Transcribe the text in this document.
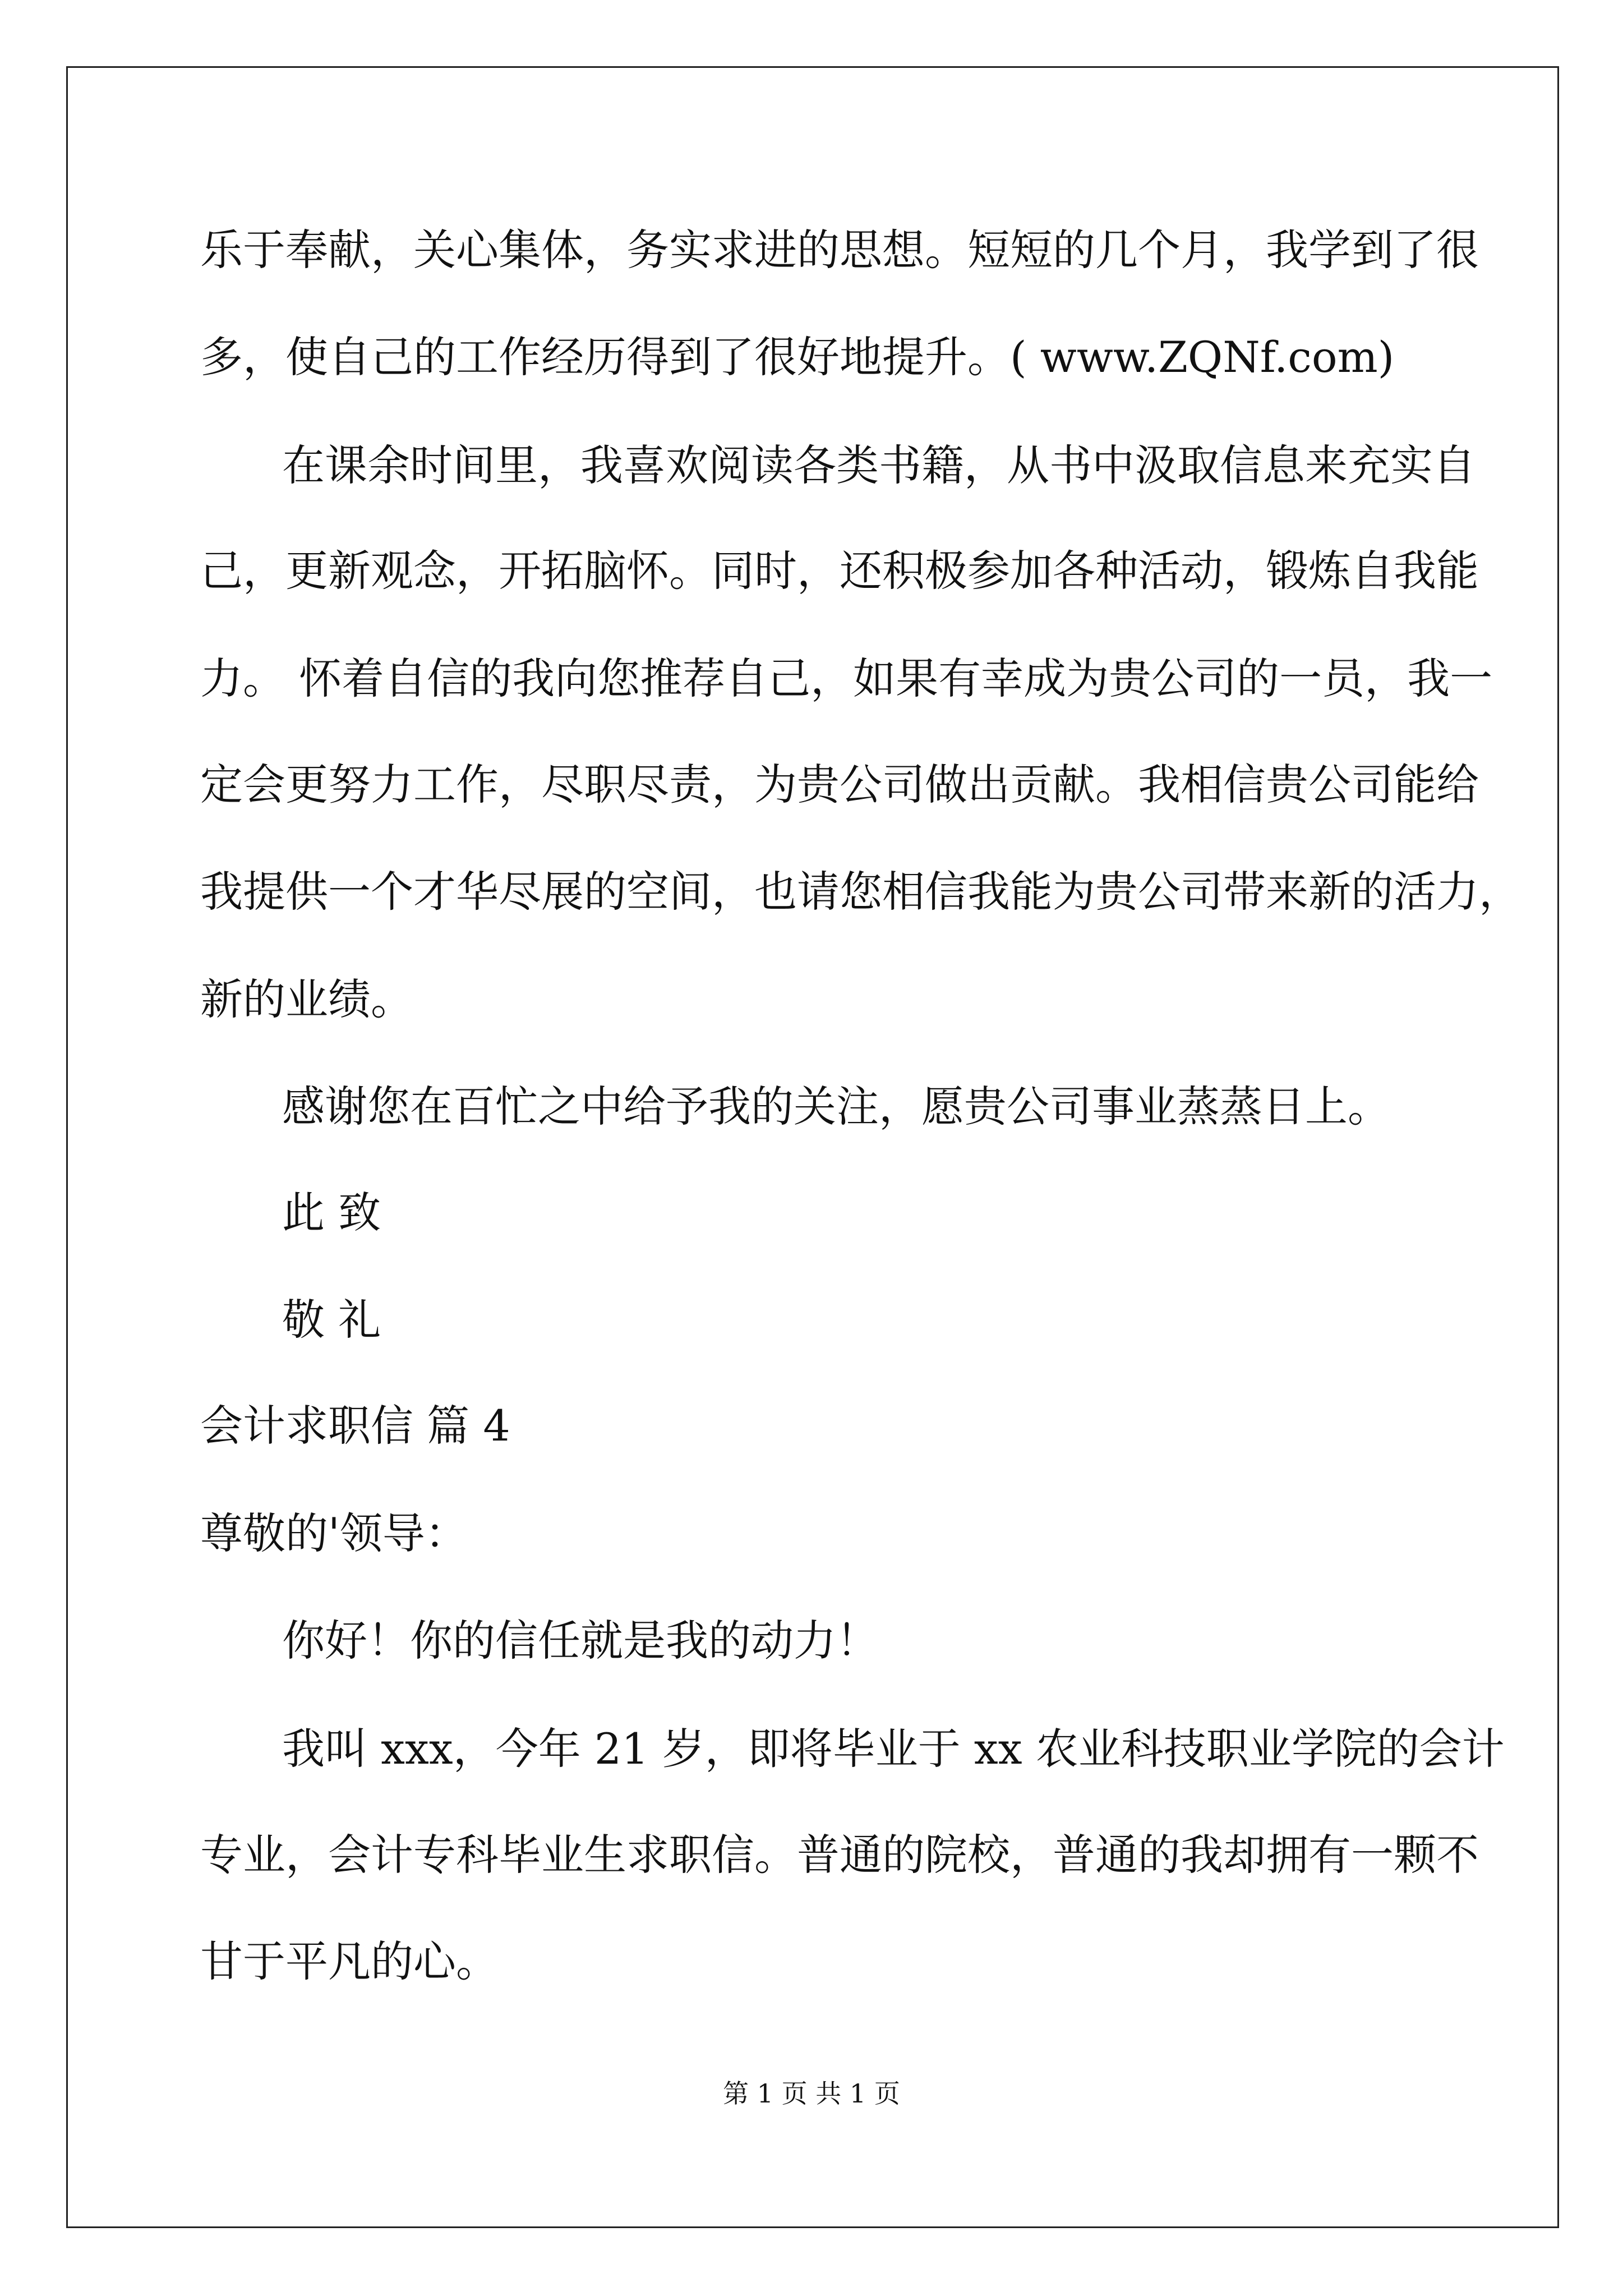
乐于奉献，关心集体，务实求进的思想。短短的几个月，我学到了很

多，使自己的工作经历得到了很好地提升。( www.ZQNf.com)

在课余时间里，我喜欢阅读各类书籍，从书中汲取信息来充实自

己，更新观念，开拓脑怀。同时，还积极参加各种活动，锻炼自我能

力。 怀着自信的我向您推荐自己，如果有幸成为贵公司的一员，我一

定会更努力工作，尽职尽责，为贵公司做出贡献。我相信贵公司能给

我提供一个才华尽展的空间，也请您相信我能为贵公司带来新的活力，

新的业绩。

感谢您在百忙之中给予我的关注，愿贵公司事业蒸蒸日上。

此 致

敬 礼

会计求职信 篇 4

尊敬的'领导：

你好！你的信任就是我的动力！

我叫 xxx，今年 21 岁，即将毕业于 xx 农业科技职业学院的会计

专业，会计专科毕业生求职信。普通的院校，普通的我却拥有一颗不

甘于平凡的心。

第 1 页 共 1 页
